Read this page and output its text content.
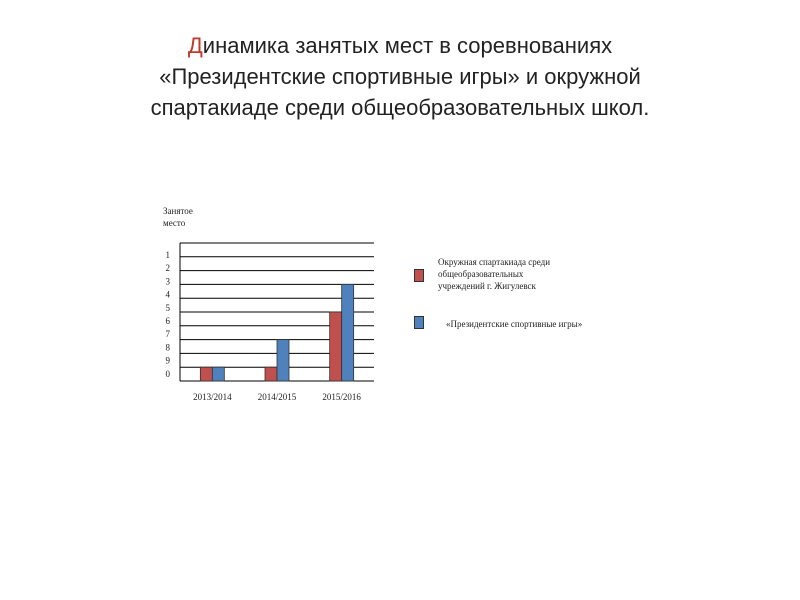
Динамика занятых мест в соревнованиях
«Президентские спортивные игры» и окружной
спартакиаде среди общеобразовательных школ.
Занятое
место
1
2
3
4
5
6
7
8
9
0
2013/2014	2014/2015	2015/2016
Окружная спартакиада среди
общеобразовательных
учреждений г. Жигулевск
«Президентские спортивные игры»
